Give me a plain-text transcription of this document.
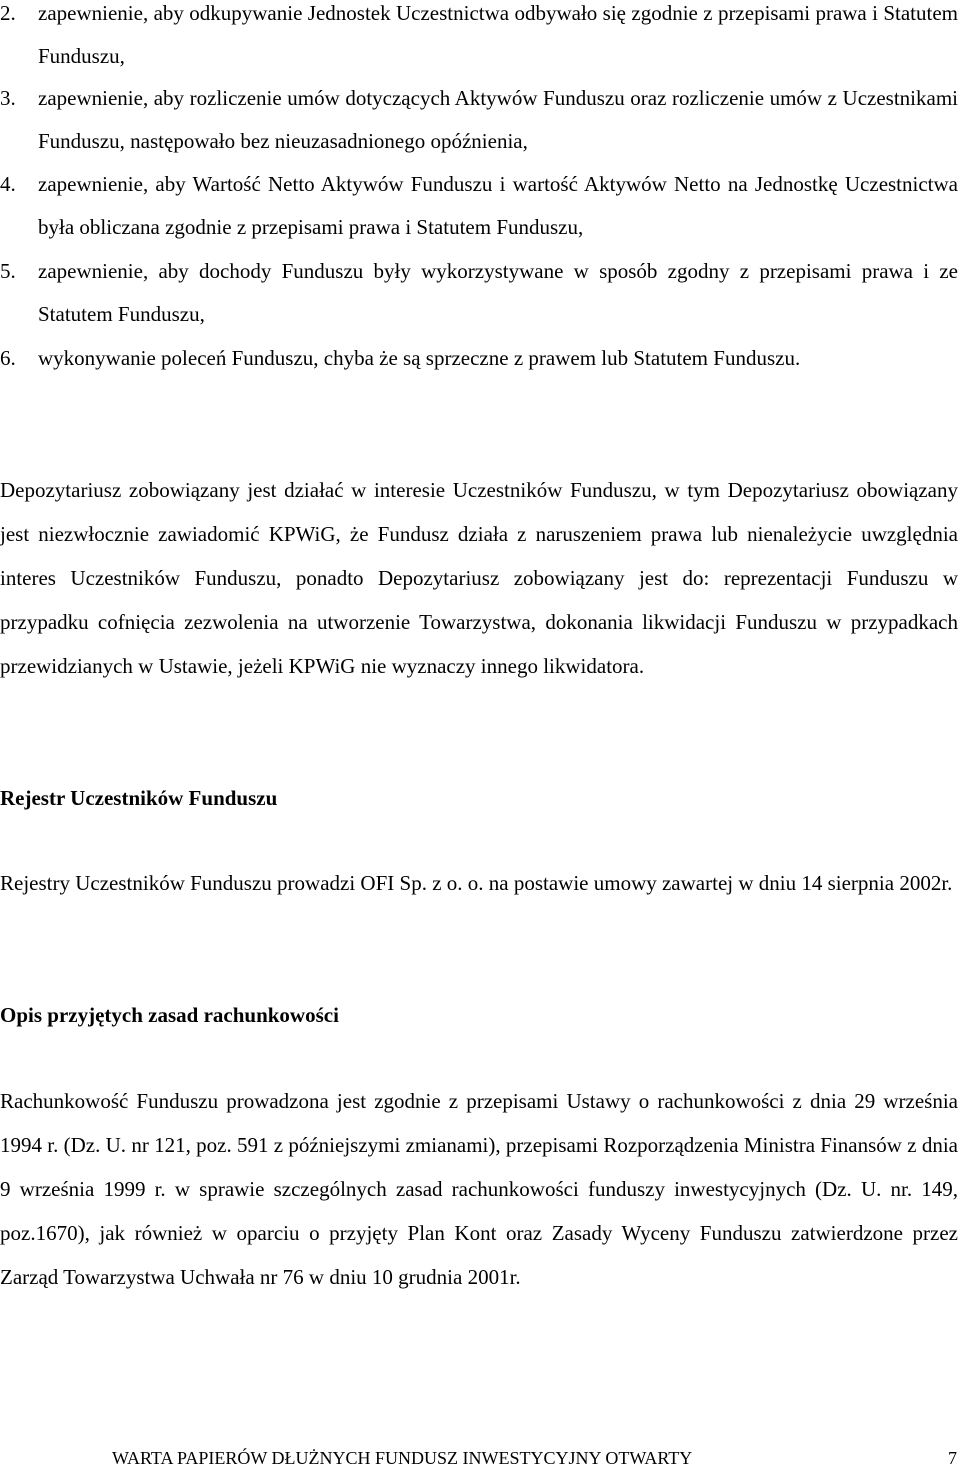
2.	zapewnienie, aby odkupywanie Jednostek Uczestnictwa odbywało się zgodnie z przepisami prawa i Statutem Funduszu,
3.	zapewnienie, aby rozliczenie umów dotyczących Aktywów Funduszu oraz rozliczenie umów z Uczestnikami Funduszu, następowało bez nieuzasadnionego opóźnienia,
4.	zapewnienie, aby Wartość Netto Aktywów Funduszu i wartość Aktywów Netto na Jednostkę Uczestnictwa była obliczana zgodnie z przepisami prawa i Statutem Funduszu,
5.	zapewnienie, aby dochody Funduszu były wykorzystywane w sposób zgodny z przepisami prawa i ze Statutem Funduszu,
6.	wykonywanie poleceń Funduszu, chyba że są sprzeczne z prawem lub Statutem Funduszu.
Depozytariusz zobowiązany jest działać w interesie Uczestników Funduszu, w tym Depozytariusz obowiązany jest niezwłocznie zawiadomić KPWiG, że Fundusz działa z naruszeniem prawa lub nienależycie uwzględnia interes Uczestników Funduszu, ponadto Depozytariusz zobowiązany jest do: reprezentacji Funduszu w przypadku cofnięcia zezwolenia na utworzenie Towarzystwa, dokonania likwidacji Funduszu w przypadkach przewidzianych w Ustawie, jeżeli KPWiG nie wyznaczy innego likwidatora.
Rejestr Uczestników Funduszu
Rejestry Uczestników Funduszu prowadzi OFI Sp. z o. o. na postawie umowy zawartej w dniu 14 sierpnia 2002r.
Opis przyjętych zasad rachunkowości
Rachunkowość Funduszu prowadzona jest zgodnie z przepisami Ustawy o rachunkowości z dnia 29 września 1994 r. (Dz. U. nr 121, poz. 591 z późniejszymi zmianami), przepisami Rozporządzenia Ministra Finansów z dnia 9 września 1999 r. w sprawie szczególnych zasad rachunkowości funduszy inwestycyjnych (Dz. U. nr. 149, poz.1670), jak również w oparciu o przyjęty Plan Kont oraz Zasady Wyceny Funduszu zatwierdzone przez Zarząd Towarzystwa Uchwała nr 76 w dniu 10 grudnia 2001r.
WARTA PAPIERÓW DŁUŻNYCH FUNDUSZ INWESTYCYJNY OTWARTY	7
